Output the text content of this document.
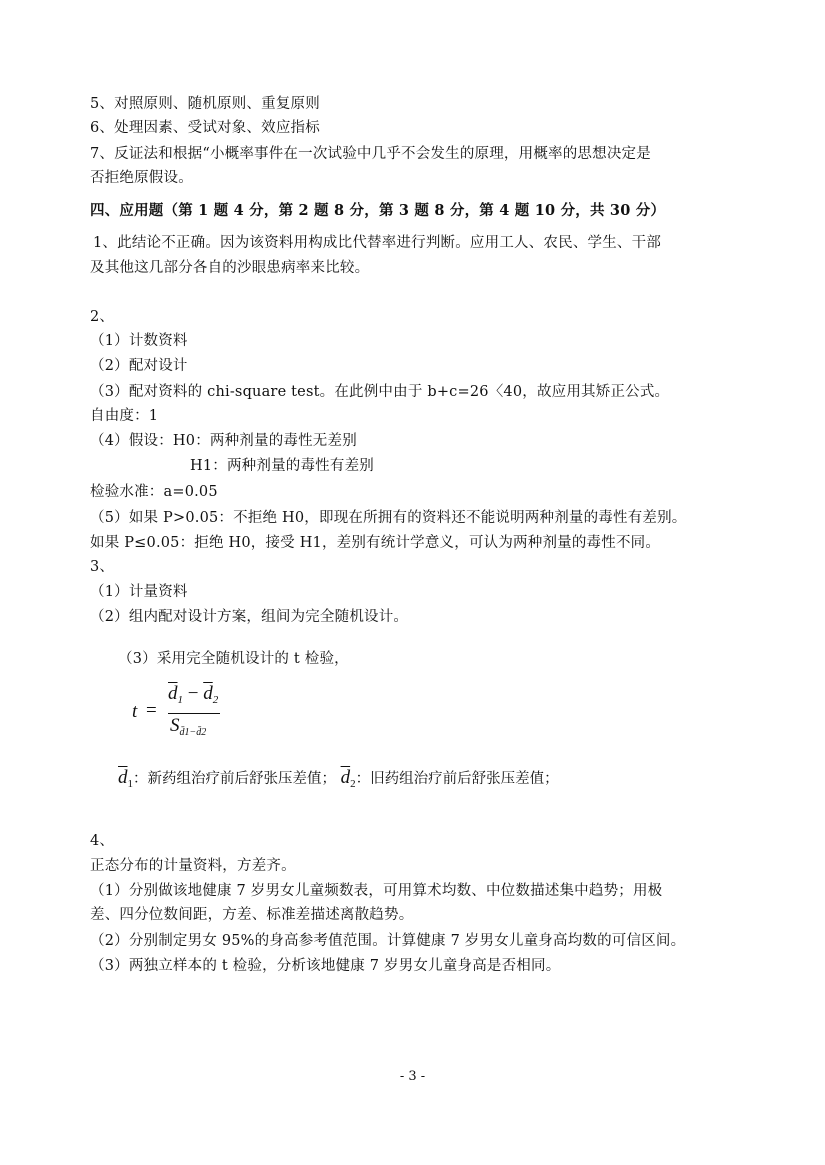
5、对照原则、随机原则、重复原则

6、处理因素、受试对象、效应指标

7、反证法和根据“小概率事件在一次试验中几乎不会发生的原理，用概率的思想决定是

否拒绝原假设。

四、应用题（第 1 题 4 分，第 2 题 8 分，第 3 题 8 分，第 4 题 10 分，共 30 分）

1、此结论不正确。因为该资料用构成比代替率进行判断。应用工人、农民、学生、干部

及其他这几部分各自的沙眼患病率来比较。

2、

（1）计数资料

（2）配对设计

（3）配对资料的 chi-square test。在此例中由于 b+c=26〈40，故应用其矫正公式。

自由度：1

（4）假设：H0：两种剂量的毒性无差别

H1：两种剂量的毒性有差别

检验水准：a=0.05

（5）如果 P>0.05：不拒绝 H0，即现在所拥有的资料还不能说明两种剂量的毒性有差别。

如果 P≤0.05：拒绝 H0，接受 H1，差别有统计学意义，可认为两种剂量的毒性不同。

3、

（1）计量资料

（2）组内配对设计方案，组间为完全随机设计。

（3）采用完全随机设计的 t 检验，

t =
$\overline{d}_1 - \overline{d}_2$
$S_{d̄1-d̄2}$
$\overline{d}_1$：新药组治疗前后舒张压差值； $\overline{d}_2$：旧药组治疗前后舒张压差值；

4、

正态分布的计量资料，方差齐。

（1）分别做该地健康 7 岁男女儿童频数表，可用算术均数、中位数描述集中趋势；用极

差、四分位数间距，方差、标准差描述离散趋势。

（2）分别制定男女 95%的身高参考值范围。计算健康 7 岁男女儿童身高均数的可信区间。

（3）两独立样本的 t 检验，分析该地健康 7 岁男女儿童身高是否相同。

- 3 -
